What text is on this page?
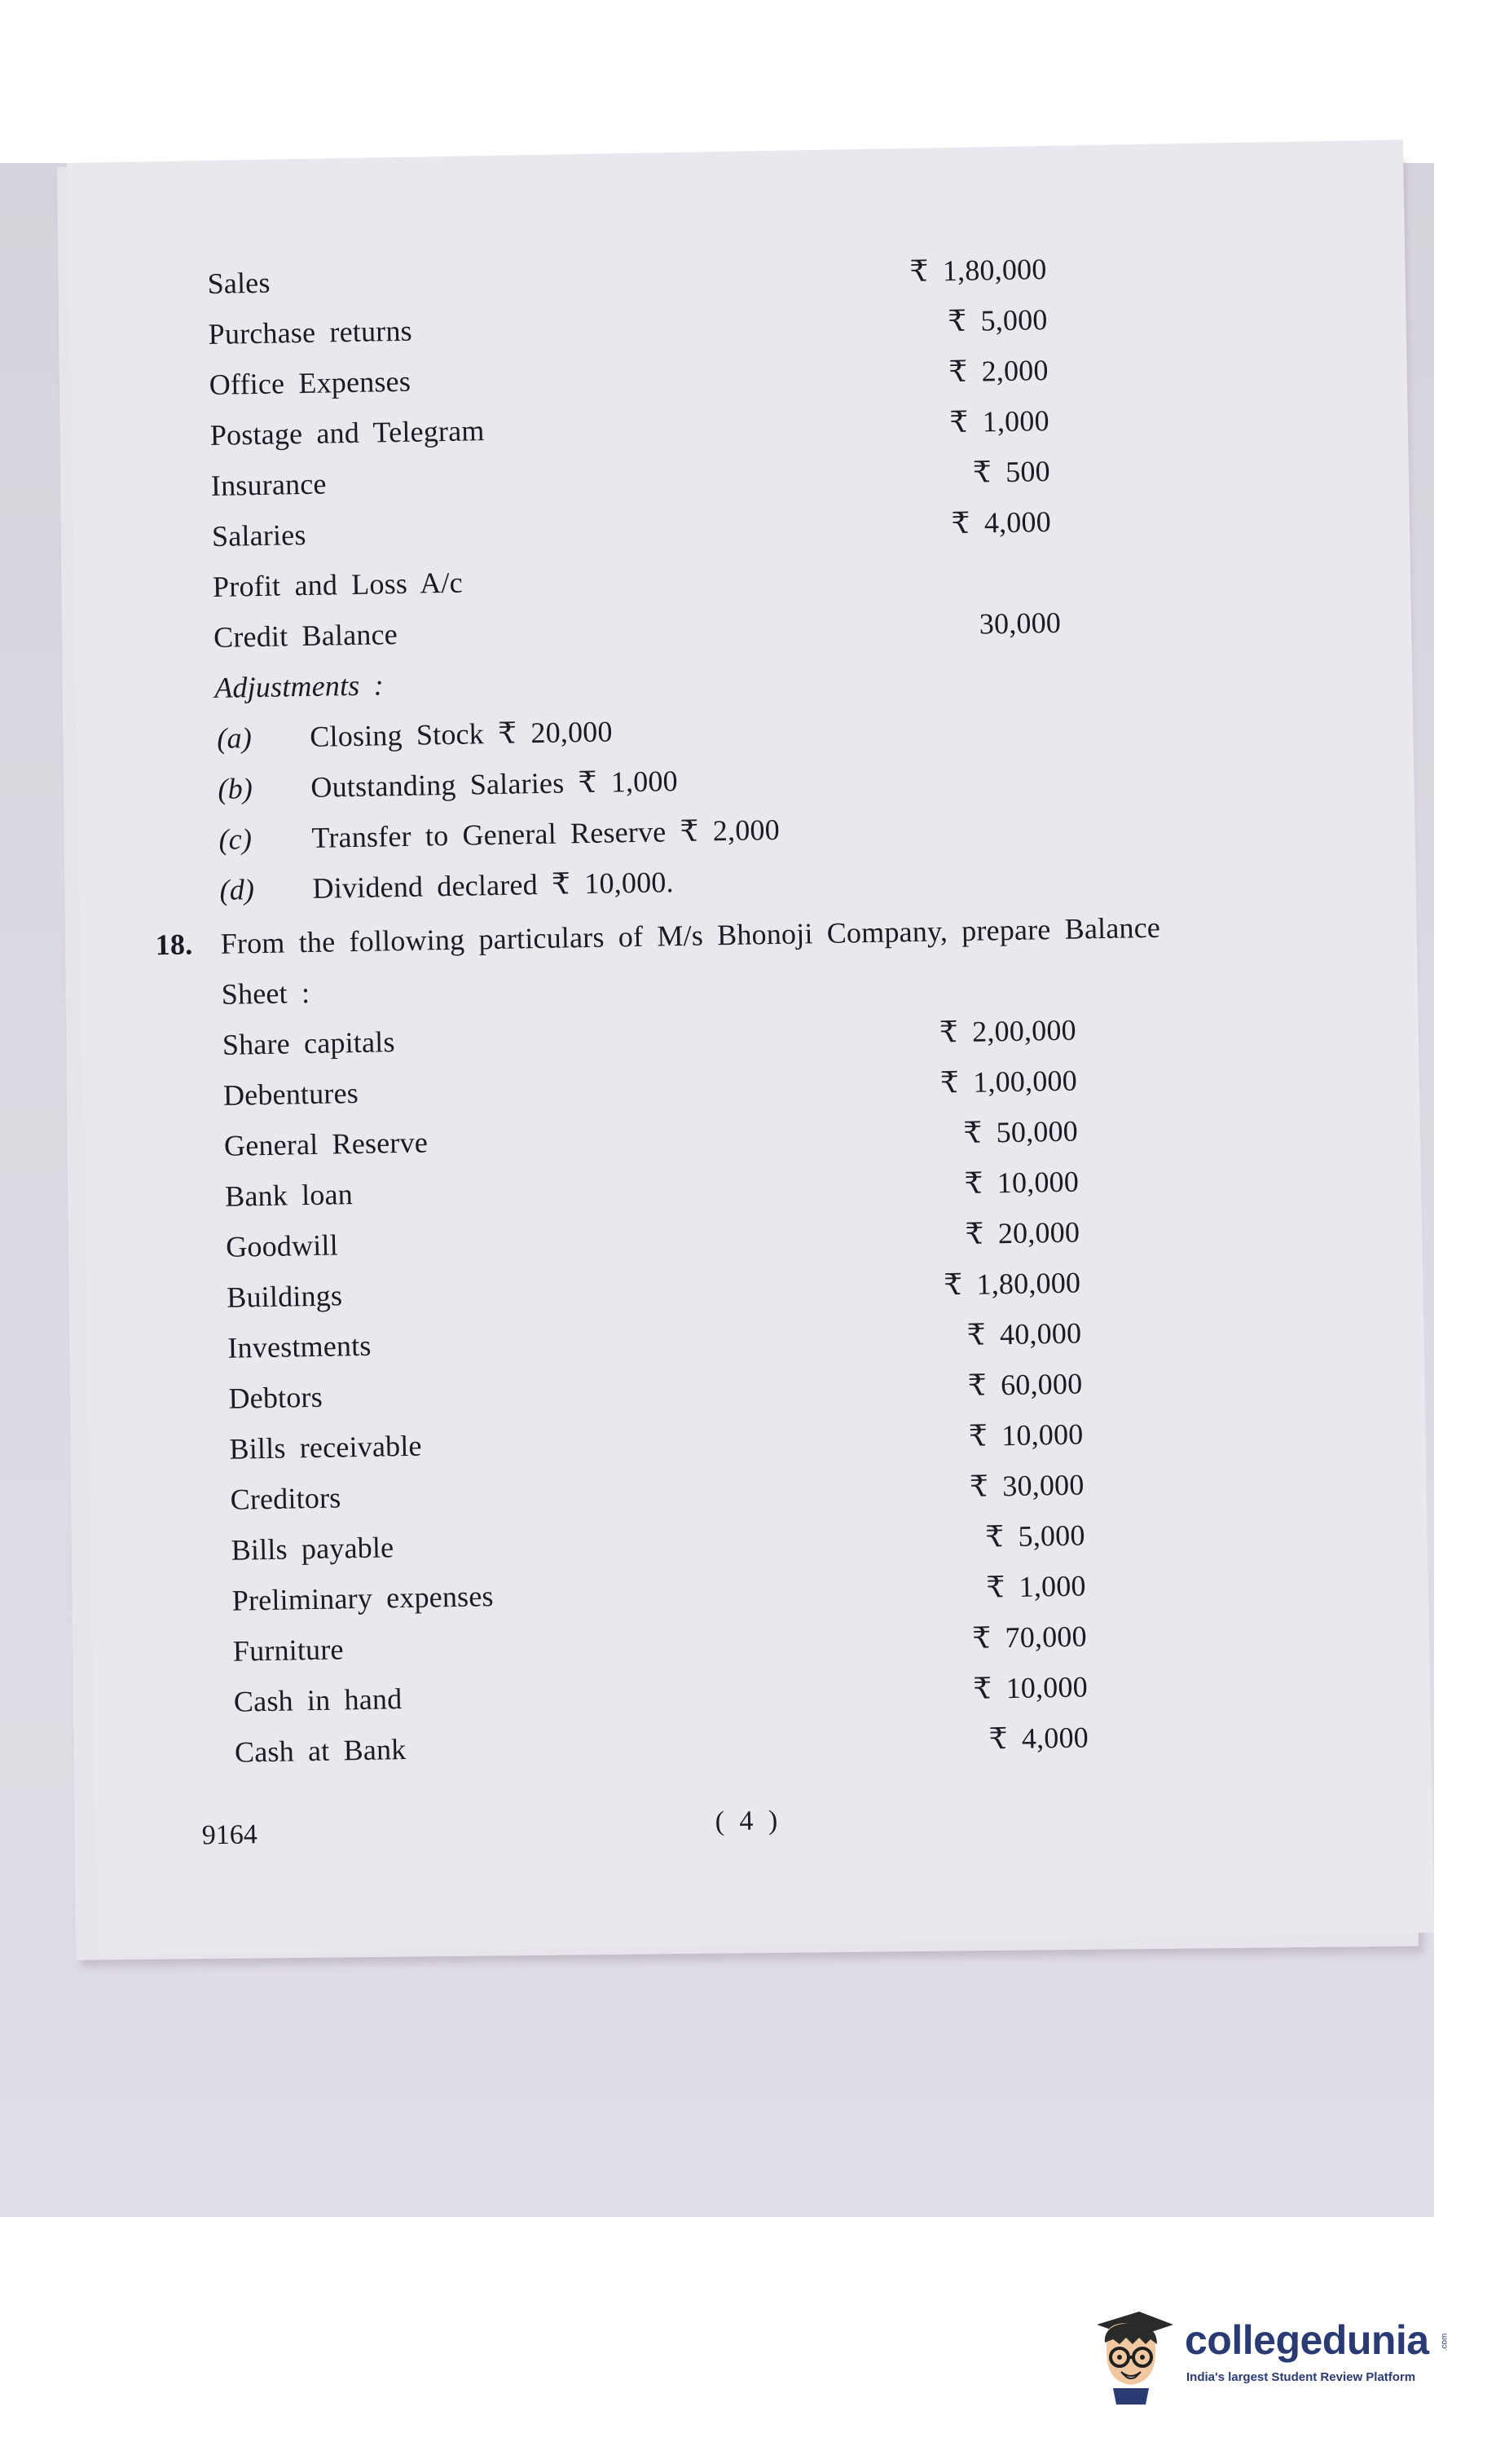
Sales	₹ 1,80,000
Purchase returns	₹ 5,000
Office Expenses	₹ 2,000
Postage and Telegram	₹ 1,000
Insurance	₹ 500
Salaries	₹ 4,000
Profit and Loss A/c
Credit Balance	30,000
Adjustments :
(a) Closing Stock ₹ 20,000
(b) Outstanding Salaries ₹ 1,000
(c) Transfer to General Reserve ₹ 2,000
(d) Dividend declared ₹ 10,000.
18. From the following particulars of M/s Bhonoji Company, prepare Balance
Sheet :
Share capitals	₹ 2,00,000
Debentures	₹ 1,00,000
General Reserve	₹ 50,000
Bank loan	₹ 10,000
Goodwill	₹ 20,000
Buildings	₹ 1,80,000
Investments	₹ 40,000
Debtors	₹ 60,000
Bills receivable	₹ 10,000
Creditors	₹ 30,000
Bills payable	₹ 5,000
Preliminary expenses	₹ 1,000
Furniture	₹ 70,000
Cash in hand	₹ 10,000
Cash at Bank	₹ 4,000
9164	( 4 )
collegedunia .com
India's largest Student Review Platform
